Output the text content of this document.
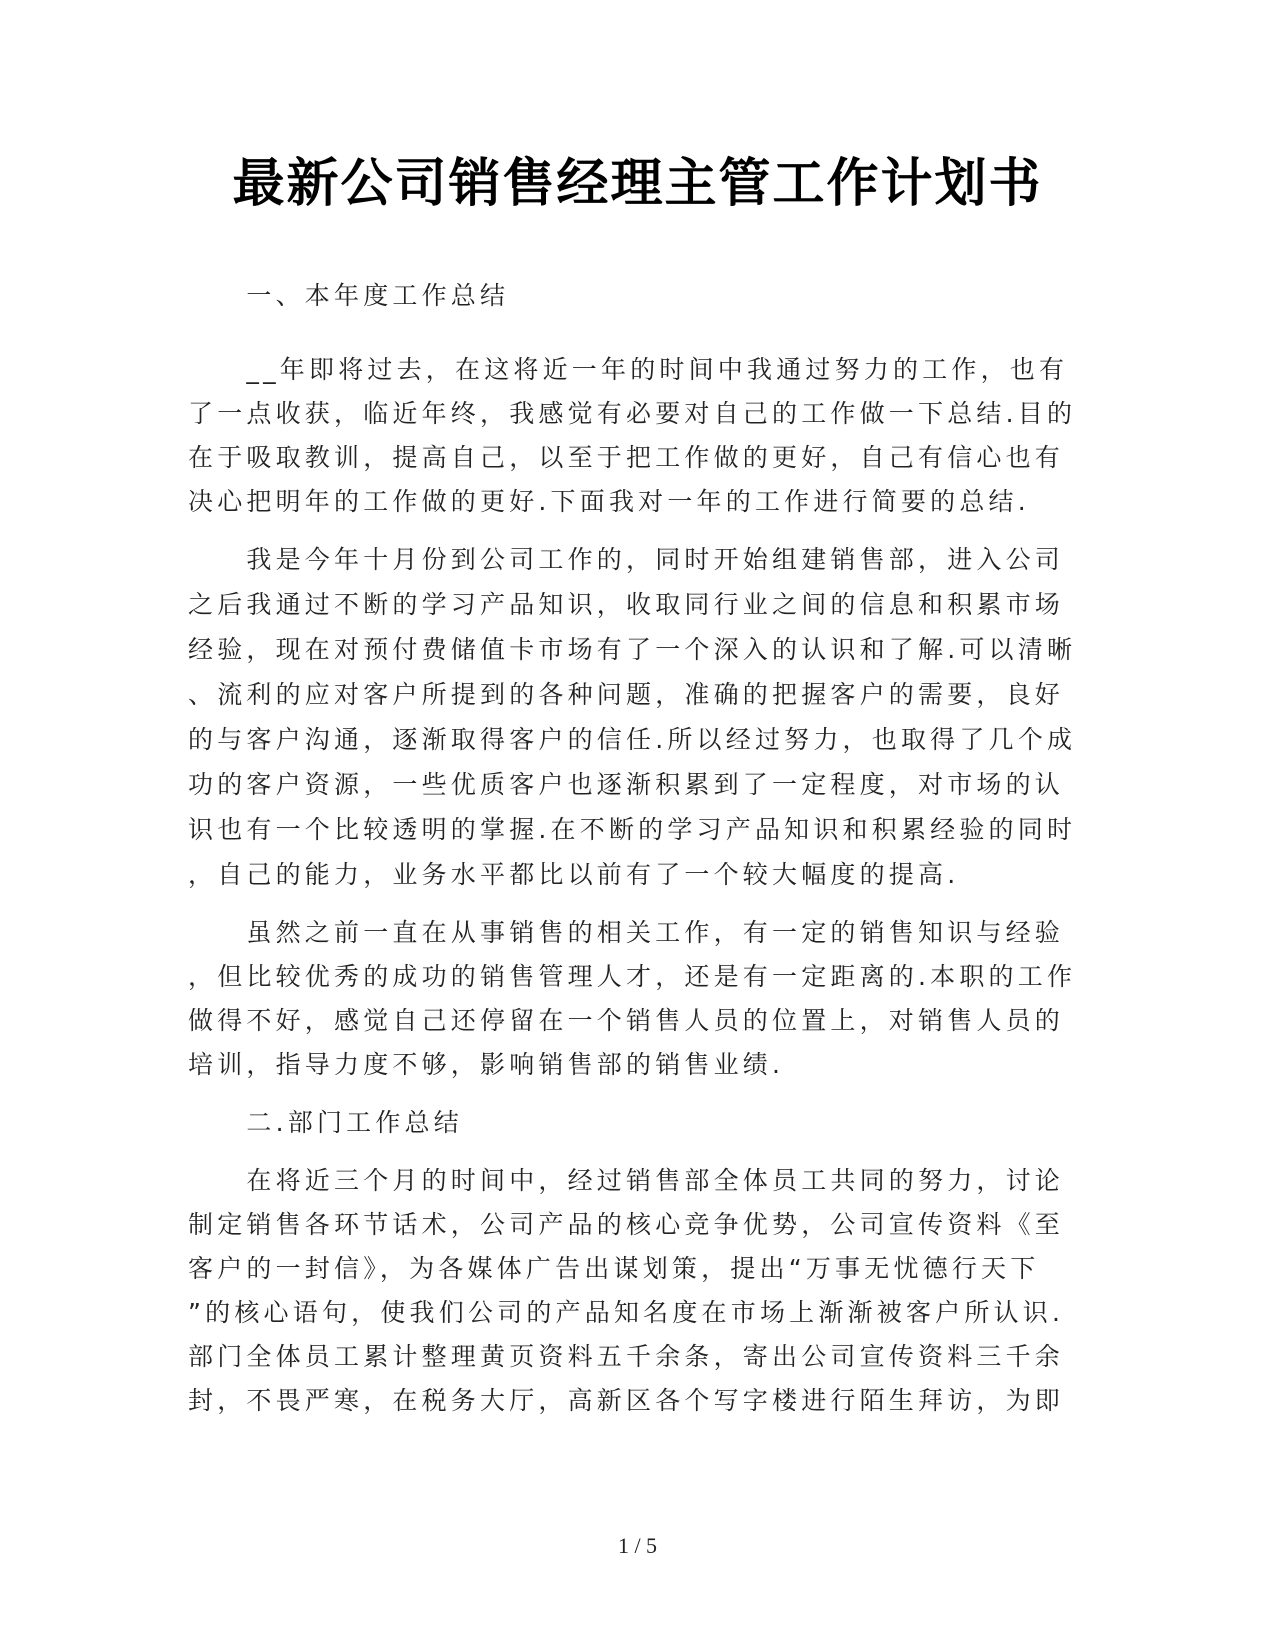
最新公司销售经理主管工作计划书
　　一、本年度工作总结
　　__年即将过去，在这将近一年的时间中我通过努力的工作，也有
了一点收获，临近年终，我感觉有必要对自己的工作做一下总结.目的
在于吸取教训，提高自己，以至于把工作做的更好，自己有信心也有
决心把明年的工作做的更好.下面我对一年的工作进行简要的总结.
　　我是今年十月份到公司工作的，同时开始组建销售部，进入公司
之后我通过不断的学习产品知识，收取同行业之间的信息和积累市场
经验，现在对预付费储值卡市场有了一个深入的认识和了解.可以清晰
、流利的应对客户所提到的各种问题，准确的把握客户的需要，良好
的与客户沟通，逐渐取得客户的信任.所以经过努力，也取得了几个成
功的客户资源，一些优质客户也逐渐积累到了一定程度，对市场的认
识也有一个比较透明的掌握.在不断的学习产品知识和积累经验的同时
，自己的能力，业务水平都比以前有了一个较大幅度的提高.
　　虽然之前一直在从事销售的相关工作，有一定的销售知识与经验
，但比较优秀的成功的销售管理人才，还是有一定距离的.本职的工作
做得不好，感觉自己还停留在一个销售人员的位置上，对销售人员的
培训，指导力度不够，影响销售部的销售业绩.
　　二.部门工作总结
　　在将近三个月的时间中，经过销售部全体员工共同的努力，讨论
制定销售各环节话术，公司产品的核心竞争优势，公司宣传资料《至
客户的一封信》，为各媒体广告出谋划策，提出“万事无忧德行天下
”的核心语句，使我们公司的产品知名度在市场上渐渐被客户所认识.
部门全体员工累计整理黄页资料五千余条，寄出公司宣传资料三千余
封，不畏严寒，在税务大厅，高新区各个写字楼进行陌生拜访，为即
1 / 5
